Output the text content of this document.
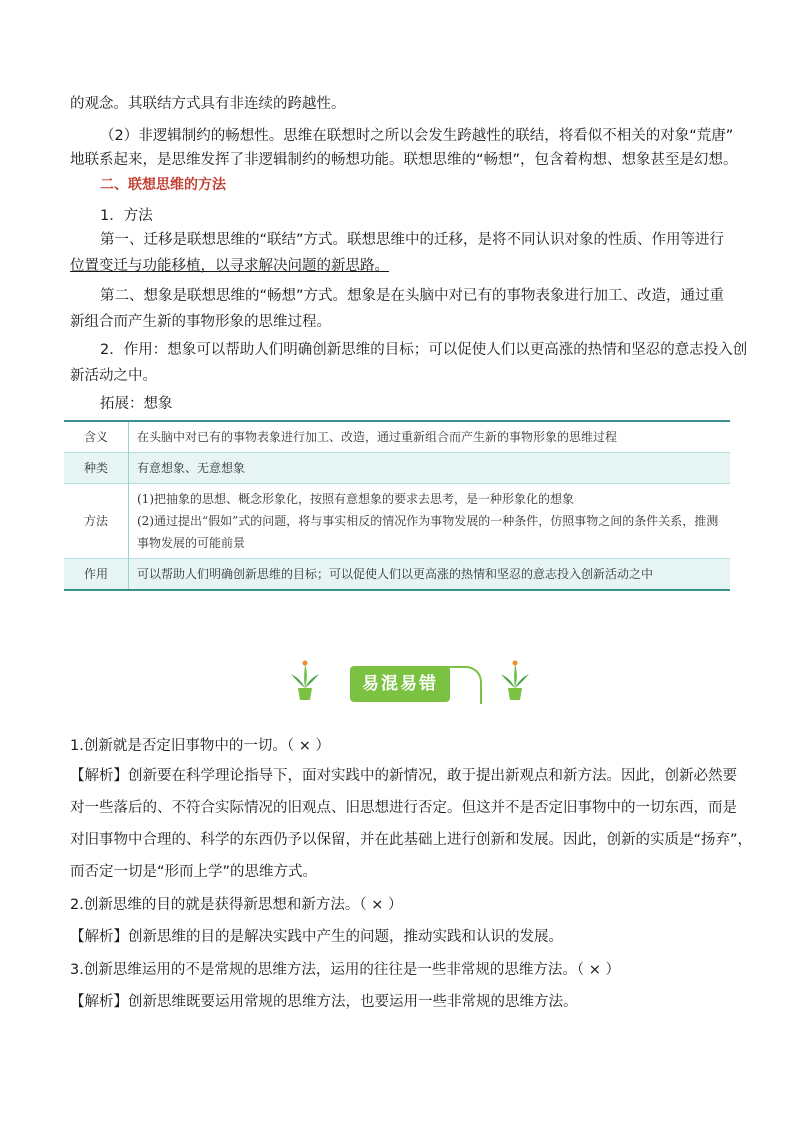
的观念。其联结方式具有非连续的跨越性。
（2）非逻辑制约的畅想性。思维在联想时之所以会发生跨越性的联结，将看似不相关的对象“荒唐”
地联系起来，是思维发挥了非逻辑制约的畅想功能。联想思维的“畅想”，包含着构想、想象甚至是幻想。
二、联想思维的方法
1．方法
第一、迁移是联想思维的“联结”方式。联想思维中的迁移，是将不同认识对象的性质、作用等进行
位置变迁与功能移植，以寻求解决问题的新思路。
第二、想象是联想思维的“畅想”方式。想象是在头脑中对已有的事物表象进行加工、改造，通过重
新组合而产生新的事物形象的思维过程。
2．作用：想象可以帮助人们明确创新思维的目标；可以促使人们以更高涨的热情和坚忍的意志投入创
新活动之中。
拓展：想象
含义	在头脑中对已有的事物表象进行加工、改造，通过重新组合而产生新的事物形象的思维过程
种类	有意想象、无意想象
方法	(1)把抽象的思想、概念形象化，按照有意想象的要求去思考，是一种形象化的想象
(2)通过提出“假如”式的问题，将与事实相反的情况作为事物发展的一种条件，仿照事物之间的条件关系，推测事物发展的可能前景

作用	可以帮助人们明确创新思维的目标；可以促使人们以更高涨的热情和坚忍的意志投入创新活动之中
易混易错
1.创新就是否定旧事物中的一切。（ × ）
【解析】创新要在科学理论指导下，面对实践中的新情况，敢于提出新观点和新方法。因此，创新必然要
对一些落后的、不符合实际情况的旧观点、旧思想进行否定。但这并不是否定旧事物中的一切东西，而是
对旧事物中合理的、科学的东西仍予以保留，并在此基础上进行创新和发展。因此，创新的实质是“扬弃”，
而否定一切是“形而上学”的思维方式。
2.创新思维的目的就是获得新思想和新方法。（ × ）
【解析】创新思维的目的是解决实践中产生的问题，推动实践和认识的发展。
3.创新思维运用的不是常规的思维方法，运用的往往是一些非常规的思维方法。（ × ）
【解析】创新思维既要运用常规的思维方法，也要运用一些非常规的思维方法。
